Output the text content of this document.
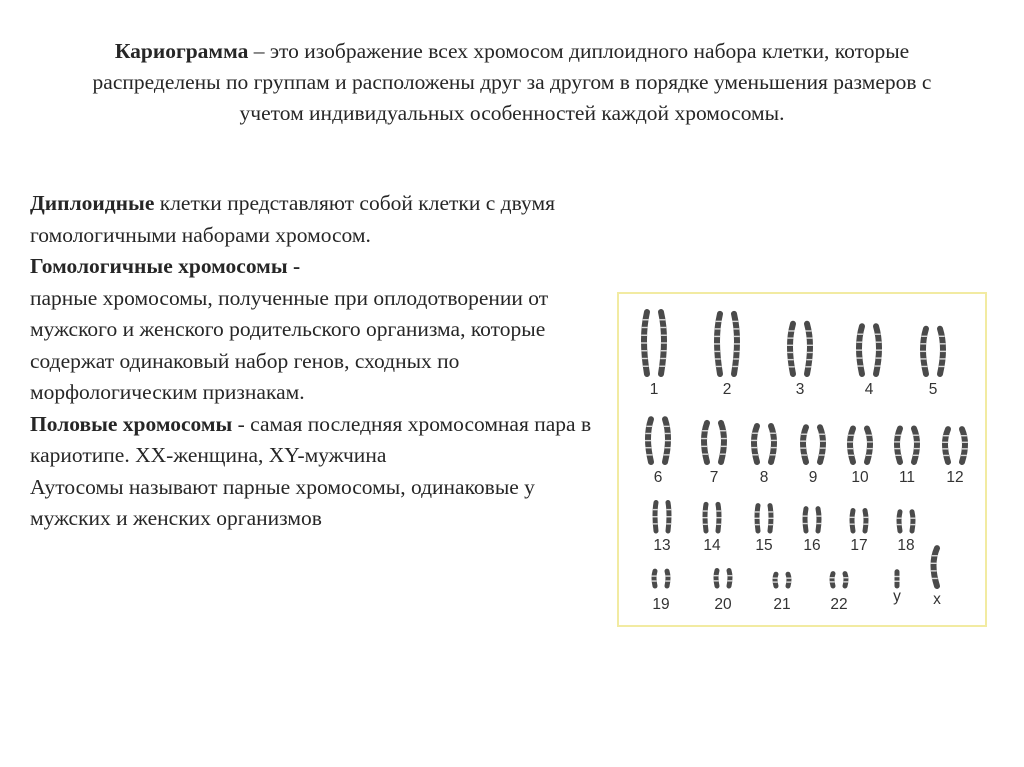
Кариограмма – это изображение всех хромосом диплоидного набора клетки, которые распределены по группам и расположены друг за другом в порядке уменьшения размеров с учетом индивидуальных особенностей каждой хромосомы.

Диплоидные клетки представляют собой клетки с двумя гомологичными наборами хромосом.

Гомологичные хромосомы -

парные хромосомы, полученные при оплодотворении от мужского и женского родительского организма, которые содержат одинаковый набор генов, сходных по морфологическим признакам.

Половые хромосомы - самая последняя хромосомная пара в кариотипе. XX-женщина, XY-мужчина

Аутосомы называют парные хромосомы, одинаковые у мужских и женских организмов

1	2	3	4	5
6	7	8	9 10 11 12
13 14 15 16 17 18
19	20	21	22	y x
